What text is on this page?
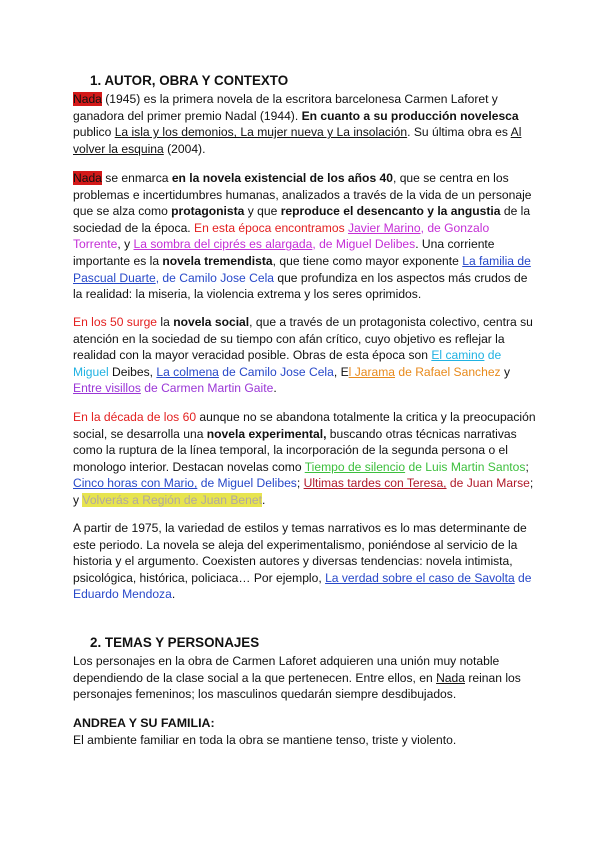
1. AUTOR, OBRA Y CONTEXTO
Nada (1945) es la primera novela de la escritora barcelonesa Carmen Laforet y ganadora del primer premio Nadal (1944). En cuanto a su producción novelesca publico La isla y los demonios, La mujer nueva y La insolación. Su última obra es Al volver la esquina (2004).
Nada se enmarca en la novela existencial de los años 40, que se centra en los problemas e incertidumbres humanas, analizados a través de la vida de un personaje que se alza como protagonista y que reproduce el desencanto y la angustia de la sociedad de la época. En esta época encontramos Javier Marino, de Gonzalo Torrente, y La sombra del ciprés es alargada, de Miguel Delibes. Una corriente importante es la novela tremendista, que tiene como mayor exponente La familia de Pascual Duarte, de Camilo Jose Cela que profundiza en los aspectos más crudos de la realidad: la miseria, la violencia extrema y los seres oprimidos.
En los 50 surge la novela social, que a través de un protagonista colectivo, centra su atención en la sociedad de su tiempo con afán crítico, cuyo objetivo es reflejar la realidad con la mayor veracidad posible. Obras de esta época son El camino de Miguel Deibes, La colmena de Camilo Jose Cela, El Jarama de Rafael Sanchez y Entre visillos de Carmen Martin Gaite.
En la década de los 60 aunque no se abandona totalmente la critica y la preocupación social, se desarrolla una novela experimental, buscando otras técnicas narrativas como la ruptura de la línea temporal, la incorporación de la segunda persona o el monologo interior. Destacan novelas como Tiempo de silencio de Luis Martin Santos; Cinco horas con Mario, de Miguel Delibes; Ultimas tardes con Teresa, de Juan Marse; y Volverás a Región de Juan Benet.
A partir de 1975, la variedad de estilos y temas narrativos es lo mas determinante de este periodo. La novela se aleja del experimentalismo, poniéndose al servicio de la historia y el argumento. Coexisten autores y diversas tendencias: novela intimista, psicológica, histórica, policiaca… Por ejemplo, La verdad sobre el caso de Savolta de Eduardo Mendoza.
2. TEMAS Y PERSONAJES
Los personajes en la obra de Carmen Laforet adquieren una unión muy notable dependiendo de la clase social a la que pertenecen. Entre ellos, en Nada reinan los personajes femeninos; los masculinos quedarán siempre desdibujados.
ANDREA Y SU FAMILIA:
El ambiente familiar en toda la obra se mantiene tenso, triste y violento.
